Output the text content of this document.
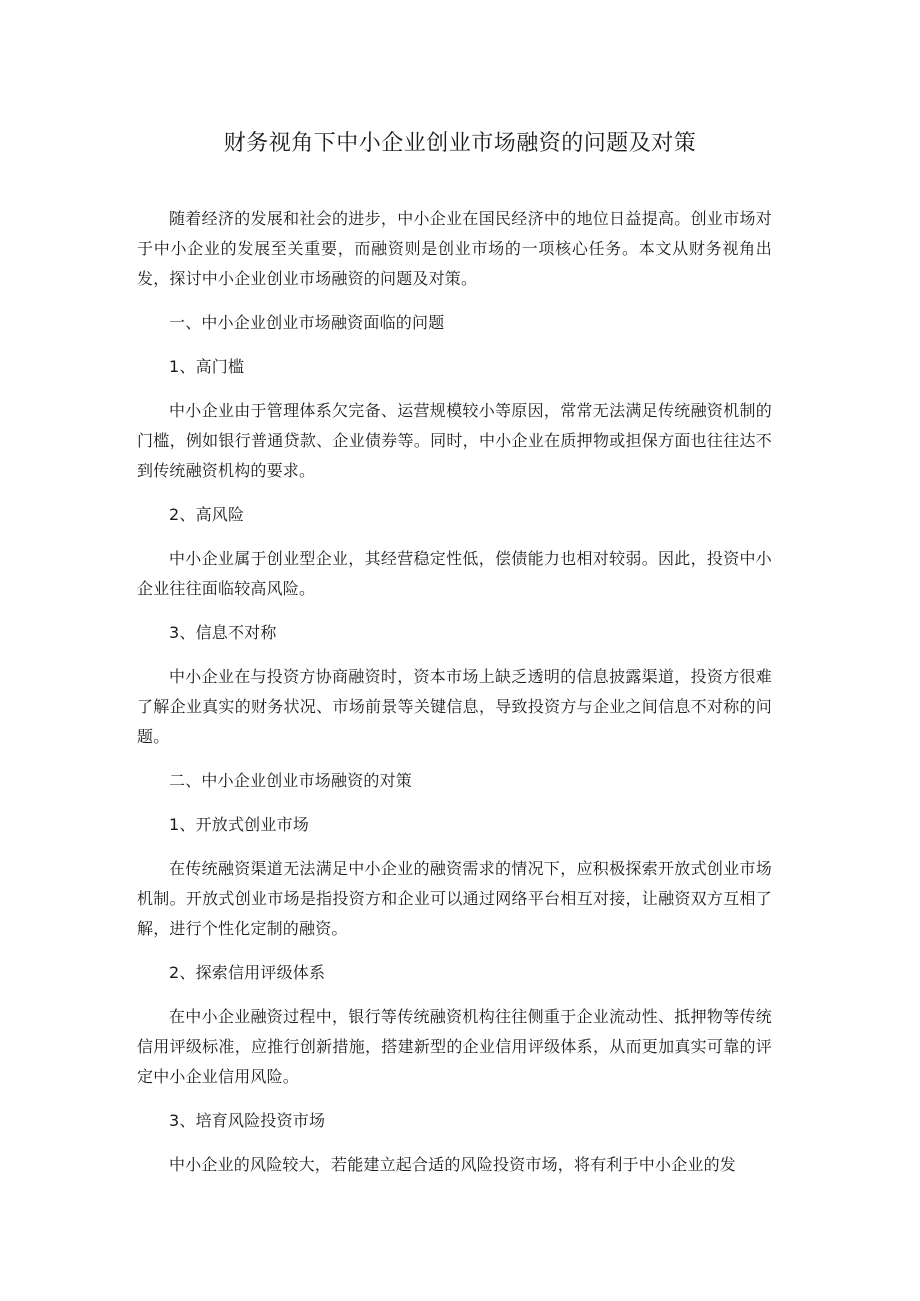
财务视角下中小企业创业市场融资的问题及对策

随着经济的发展和社会的进步，中小企业在国民经济中的地位日益提高。创业市场对于中小企业的发展至关重要，而融资则是创业市场的一项核心任务。本文从财务视角出发，探讨中小企业创业市场融资的问题及对策。

一、中小企业创业市场融资面临的问题

1、高门槛

中小企业由于管理体系欠完备、运营规模较小等原因，常常无法满足传统融资机制的门槛，例如银行普通贷款、企业债券等。同时，中小企业在质押物或担保方面也往往达不到传统融资机构的要求。

2、高风险

中小企业属于创业型企业，其经营稳定性低，偿债能力也相对较弱。因此，投资中小企业往往面临较高风险。

3、信息不对称

中小企业在与投资方协商融资时，资本市场上缺乏透明的信息披露渠道，投资方很难了解企业真实的财务状况、市场前景等关键信息，导致投资方与企业之间信息不对称的问题。

二、中小企业创业市场融资的对策

1、开放式创业市场

在传统融资渠道无法满足中小企业的融资需求的情况下，应积极探索开放式创业市场机制。开放式创业市场是指投资方和企业可以通过网络平台相互对接，让融资双方互相了解，进行个性化定制的融资。

2、探索信用评级体系

在中小企业融资过程中，银行等传统融资机构往往侧重于企业流动性、抵押物等传统信用评级标准，应推行创新措施，搭建新型的企业信用评级体系，从而更加真实可靠的评定中小企业信用风险。

3、培育风险投资市场

中小企业的风险较大，若能建立起合适的风险投资市场，将有利于中小企业的发
